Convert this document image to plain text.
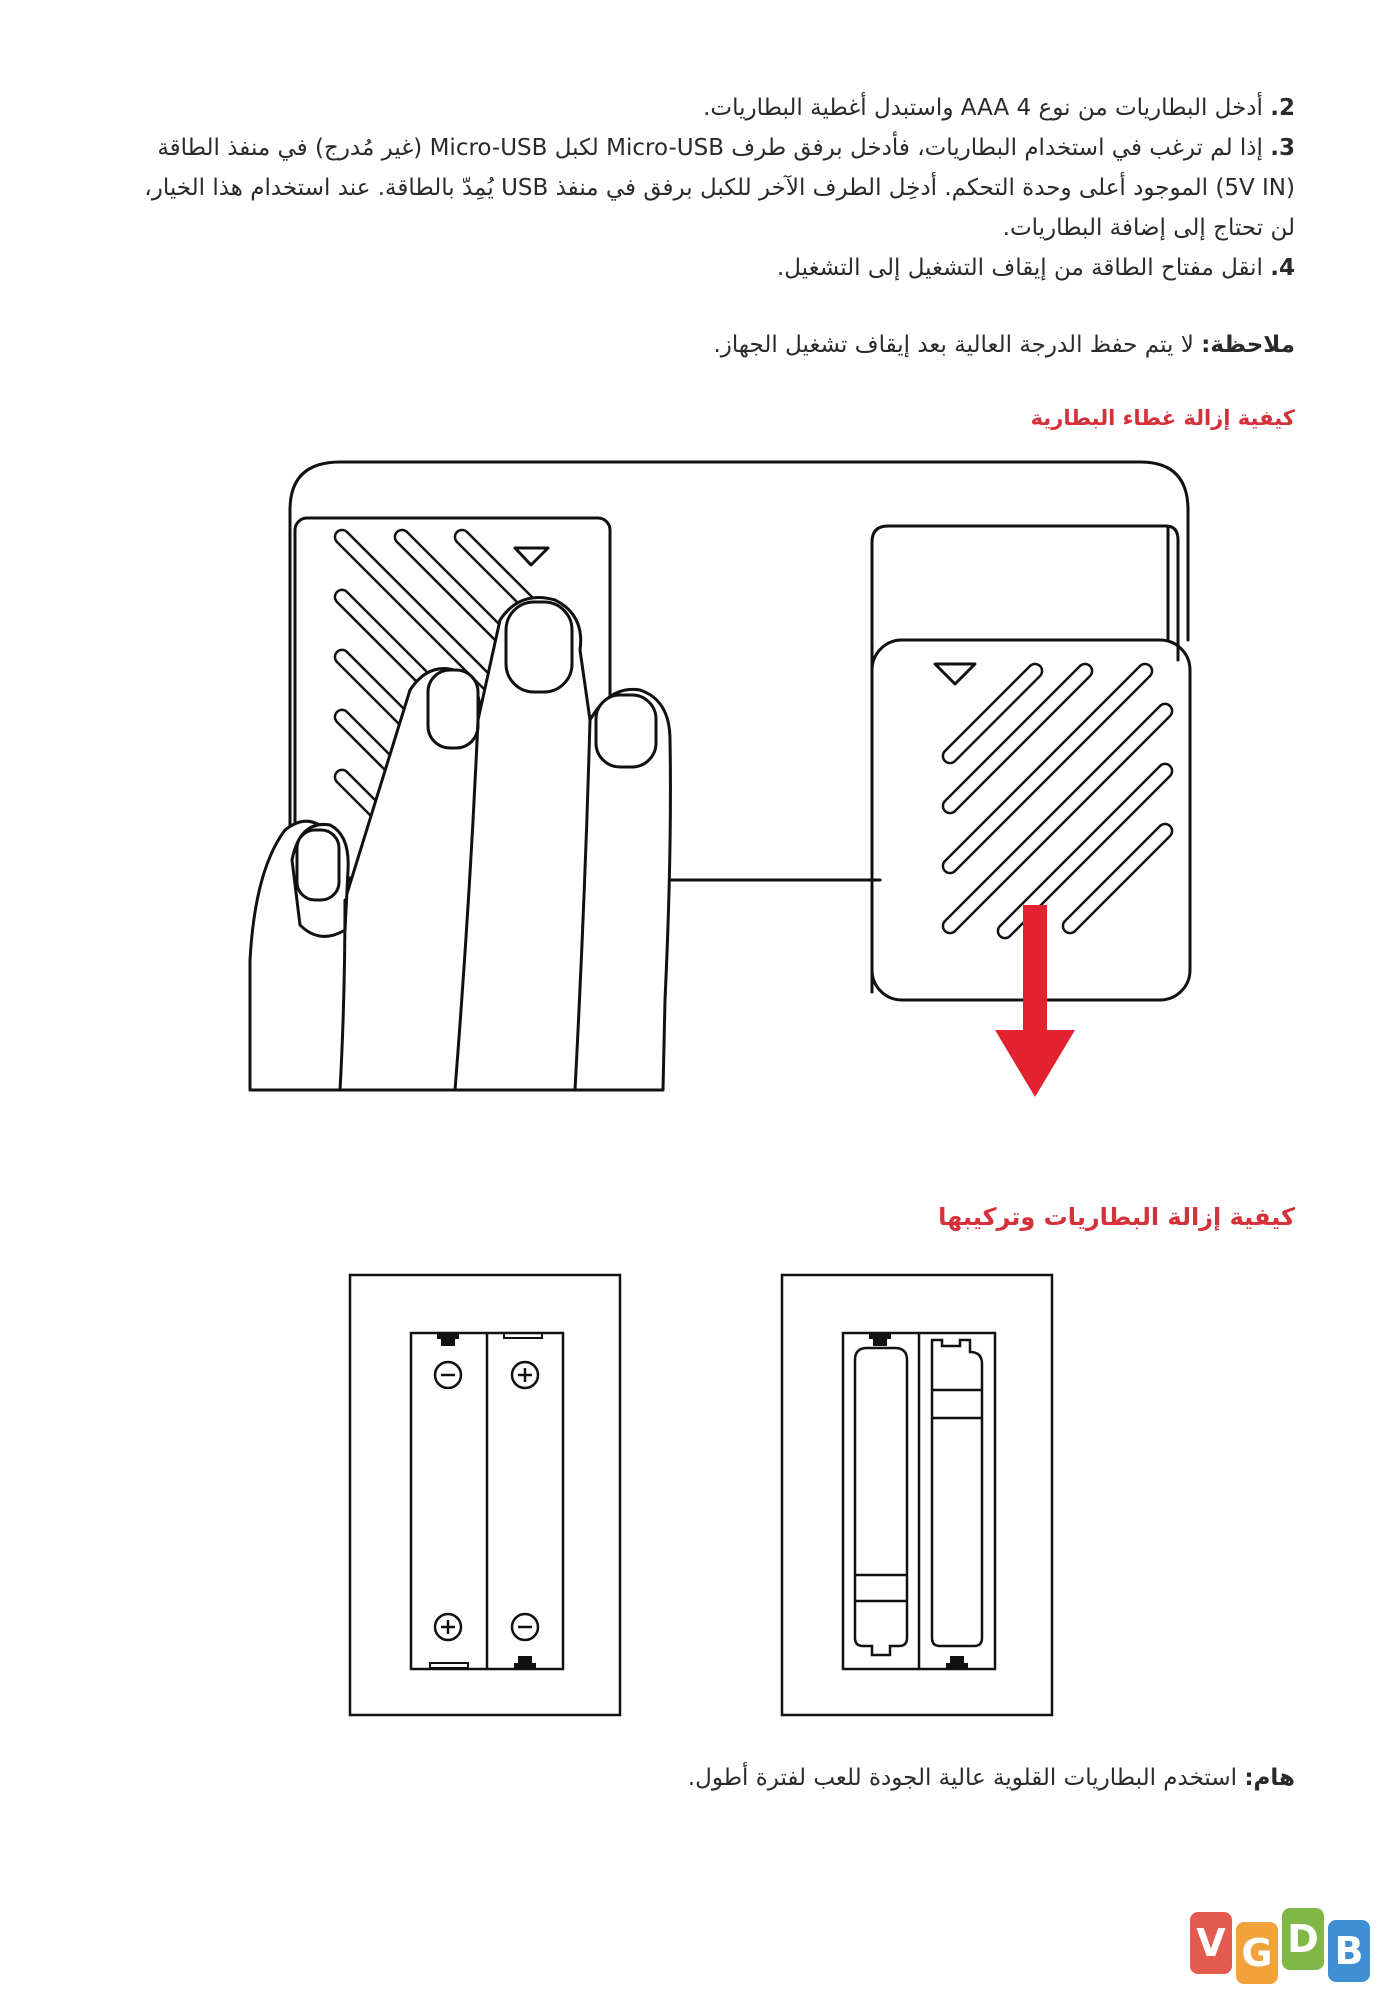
2. أدخل البطاريات من نوع 4 AAA واستبدل أغطية البطاريات.

3. إذا لم ترغب في استخدام البطاريات، فأدخل برفق طرف Micro-USB لكبل Micro-USB (غير مُدرج) في منفذ الطاقة (5V IN) الموجود أعلى وحدة التحكم. أدخِل الطرف الآخر للكبل برفق في منفذ USB يُمِدّ بالطاقة. عند استخدام هذا الخيار، لن تحتاج إلى إضافة البطاريات.

4. انقل مفتاح الطاقة من إيقاف التشغيل إلى التشغيل.

ملاحظة: لا يتم حفظ الدرجة العالية بعد إيقاف تشغيل الجهاز.

كيفية إزالة غطاء البطارية
كيفية إزالة البطاريات وتركيبها

هام: استخدم البطاريات القلوية عالية الجودة للعب لفترة أطول.

V G D B
